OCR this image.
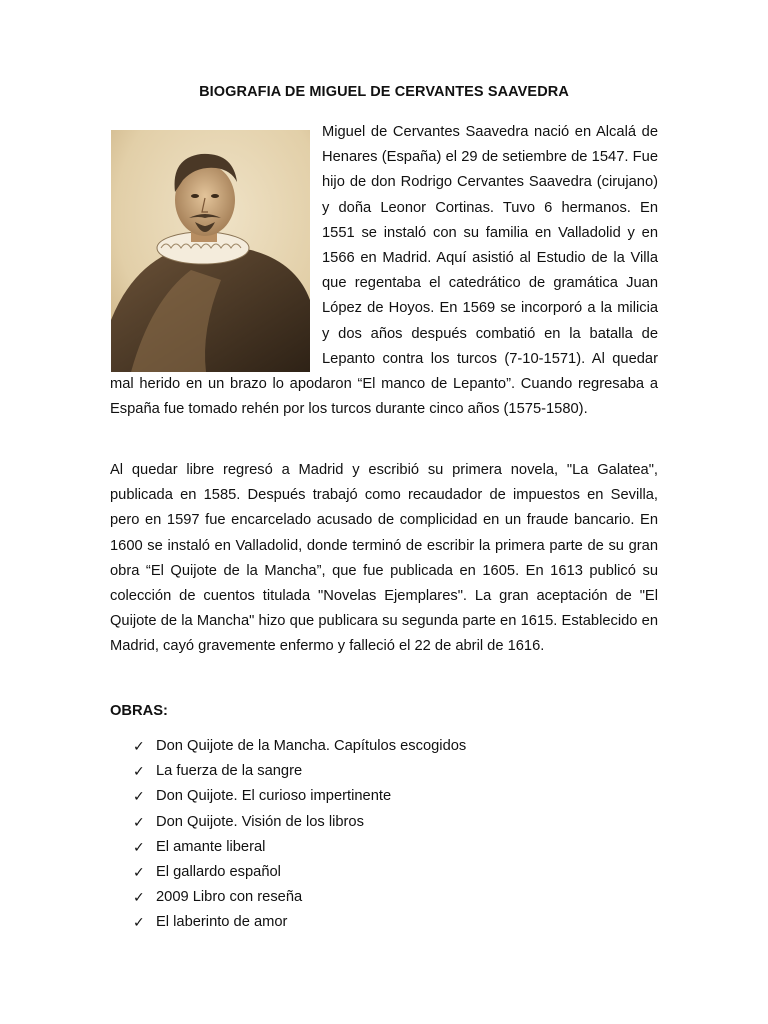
BIOGRAFIA DE MIGUEL DE CERVANTES SAAVEDRA
Miguel de Cervantes Saavedra nació en Alcalá de Henares (España) el 29 de setiembre de 1547. Fue hijo de don Rodrigo Cervantes Saavedra (cirujano) y doña Leonor Cortinas. Tuvo 6 hermanos. En 1551 se instaló con su familia en Valladolid y en 1566 en Madrid. Aquí asistió al Estudio de la Villa que regentaba el catedrático de gramática Juan López de Hoyos. En 1569 se incorporó a la milicia y dos años después combatió en la batalla de Lepanto contra los turcos (7-10-1571). Al quedar mal herido en un brazo lo apodaron “El manco de Lepanto”. Cuando regresaba a España fue tomado rehén por los turcos durante cinco años (1575-1580).
Al quedar libre regresó a Madrid y escribió su primera novela, "La Galatea", publicada en 1585. Después trabajó como recaudador de impuestos en Sevilla, pero en 1597 fue encarcelado acusado de complicidad en un fraude bancario. En 1600 se instaló en Valladolid, donde terminó de escribir la primera parte de su gran obra “El Quijote de la Mancha”, que fue publicada en 1605. En 1613 publicó su colección de cuentos titulada "Novelas Ejemplares". La gran aceptación de "El Quijote de la Mancha" hizo que publicara su segunda parte en 1615. Establecido en Madrid, cayó gravemente enfermo y falleció el 22 de abril de 1616.
OBRAS:
✓ Don Quijote de la Mancha. Capítulos escogidos
✓ La fuerza de la sangre
✓ Don Quijote. El curioso impertinente
✓ Don Quijote. Visión de los libros
✓ El amante liberal
✓ El gallardo español
✓ 2009 Libro con reseña
✓ El laberinto de amor
